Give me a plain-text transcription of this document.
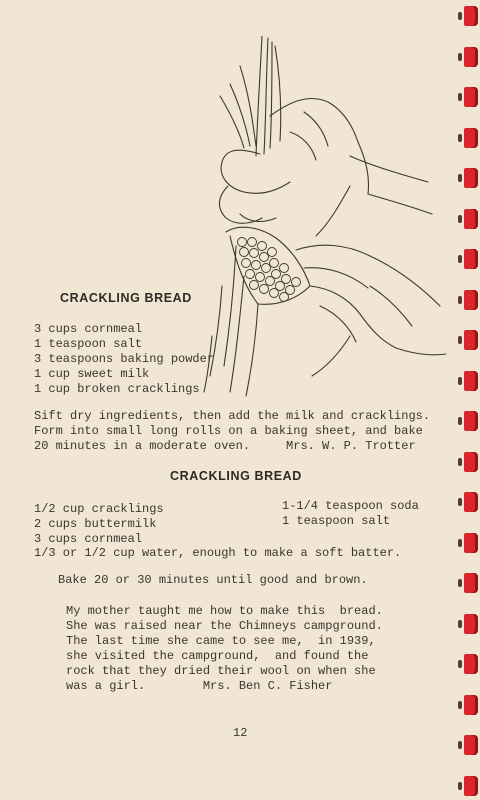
CRACKLING BREAD
3 cups cornmeal
1 teaspoon salt
3 teaspoons baking powder
1 cup sweet milk
1 cup broken cracklings
Sift dry ingredients, then add the milk and cracklings.
Form into small long rolls on a baking sheet, and bake
20 minutes in a moderate oven.     Mrs. W. P. Trotter
CRACKLING BREAD
1/2 cup cracklings
2 cups buttermilk
3 cups cornmeal
1-1/4 teaspoon soda
1 teaspoon salt
1/3 or 1/2 cup water, enough to make a soft batter.
Bake 20 or 30 minutes until good and brown.
My mother taught me how to make this  bread.
She was raised near the Chimneys campground.
The last time she came to see me,  in 1939,
she visited the campground,  and found the
rock that they dried their wool on when she
was a girl.        Mrs. Ben C. Fisher
12
